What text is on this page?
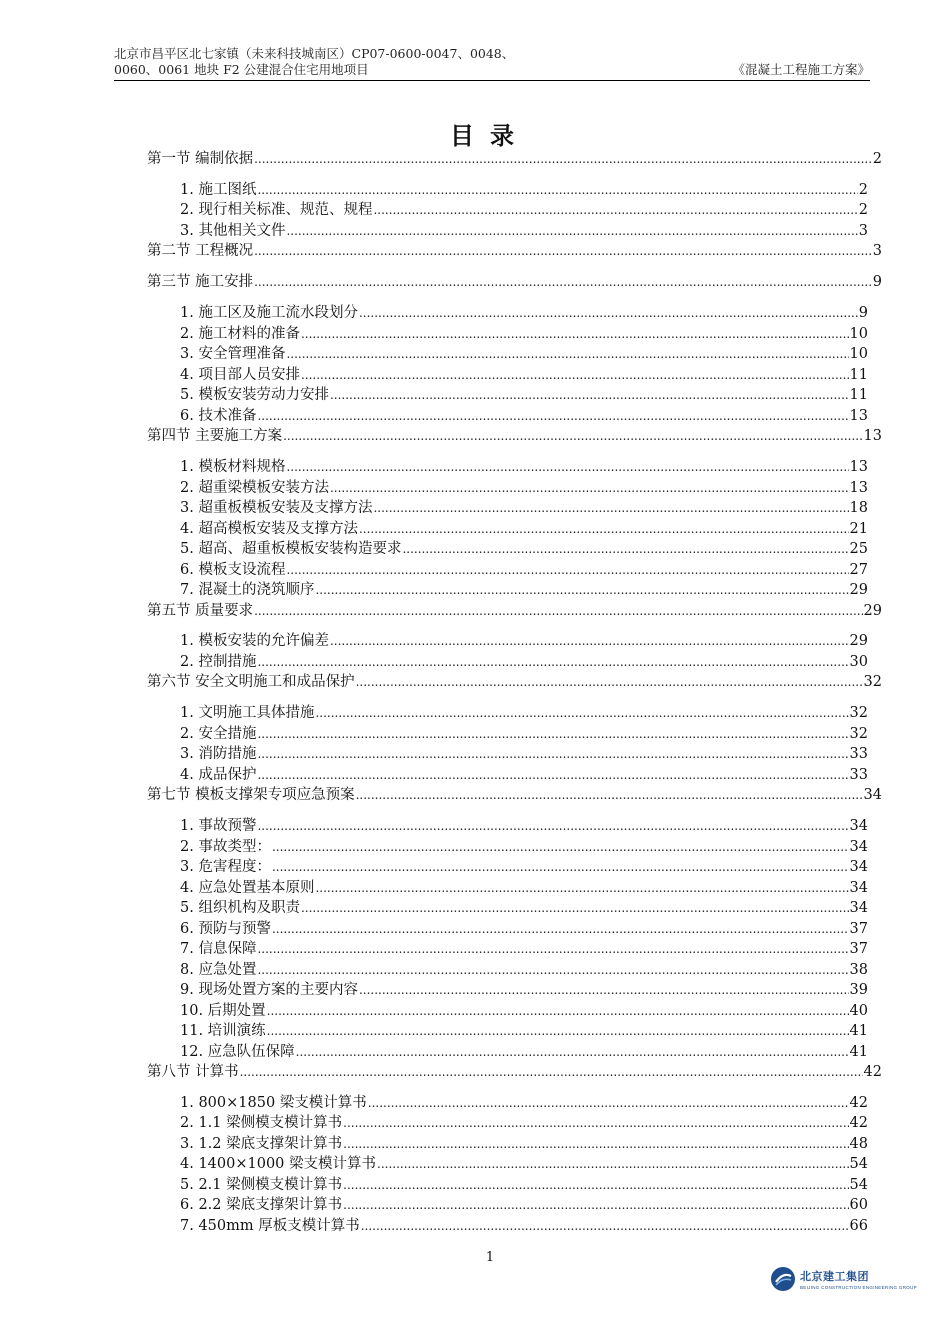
北京市昌平区北七家镇（未来科技城南区）CP07-0600-0047、0048、
0060、0061 地块 F2 公建混合住宅用地项目	《混凝土工程施工方案》
目录
第一节 编制依据 .....	2
1. 施工图纸 .....	2
2. 现行相关标准、规范、规程 .....	2
3. 其他相关文件 .....	3
第二节 工程概况 .....	3
第三节 施工安排 .....	9
1. 施工区及施工流水段划分 .....	9
2. 施工材料的准备 .....	10
3. 安全管理准备 .....	10
4. 项目部人员安排 .....	11
5. 模板安装劳动力安排 .....	11
6. 技术准备 .....	13
第四节 主要施工方案 .....	13
1. 模板材料规格 .....	13
2. 超重梁模板安装方法 .....	13
3. 超重板模板安装及支撑方法 .....	18
4. 超高模板安装及支撑方法 .....	21
5. 超高、超重板模板安装构造要求 .....	25
6. 模板支设流程 .....	27
7. 混凝土的浇筑顺序 .....	29
第五节 质量要求 .....	29
1. 模板安装的允许偏差 .....	29
2. 控制措施 .....	30
第六节 安全文明施工和成品保护 .....	32
1. 文明施工具体措施 .....	32
2. 安全措施 .....	32
3. 消防措施 .....	33
4. 成品保护 .....	33
第七节 模板支撑架专项应急预案 .....	34
1. 事故预警 .....	34
2. 事故类型： .....	34
3. 危害程度： .....	34
4. 应急处置基本原则 .....	34
5. 组织机构及职责 .....	34
6. 预防与预警 .....	37
7. 信息保障 .....	37
8. 应急处置 .....	38
9. 现场处置方案的主要内容 .....	39
10. 后期处置 .....	40
11. 培训演练 .....	41
12. 应急队伍保障 .....	41
第八节 计算书 .....	42
1. 800×1850 梁支模计算书 .....	42
2. 1.1 梁侧模支模计算书 .....	42
3. 1.2 梁底支撑架计算书 .....	48
4. 1400×1000 梁支模计算书 .....	54
5. 2.1 梁侧模支模计算书 .....	54
6. 2.2 梁底支撑架计算书 .....	60
7. 450mm 厚板支模计算书 .....	66
1
北京建工集团
BEIJING CONSTRUCTION ENGINEERING GROUP
